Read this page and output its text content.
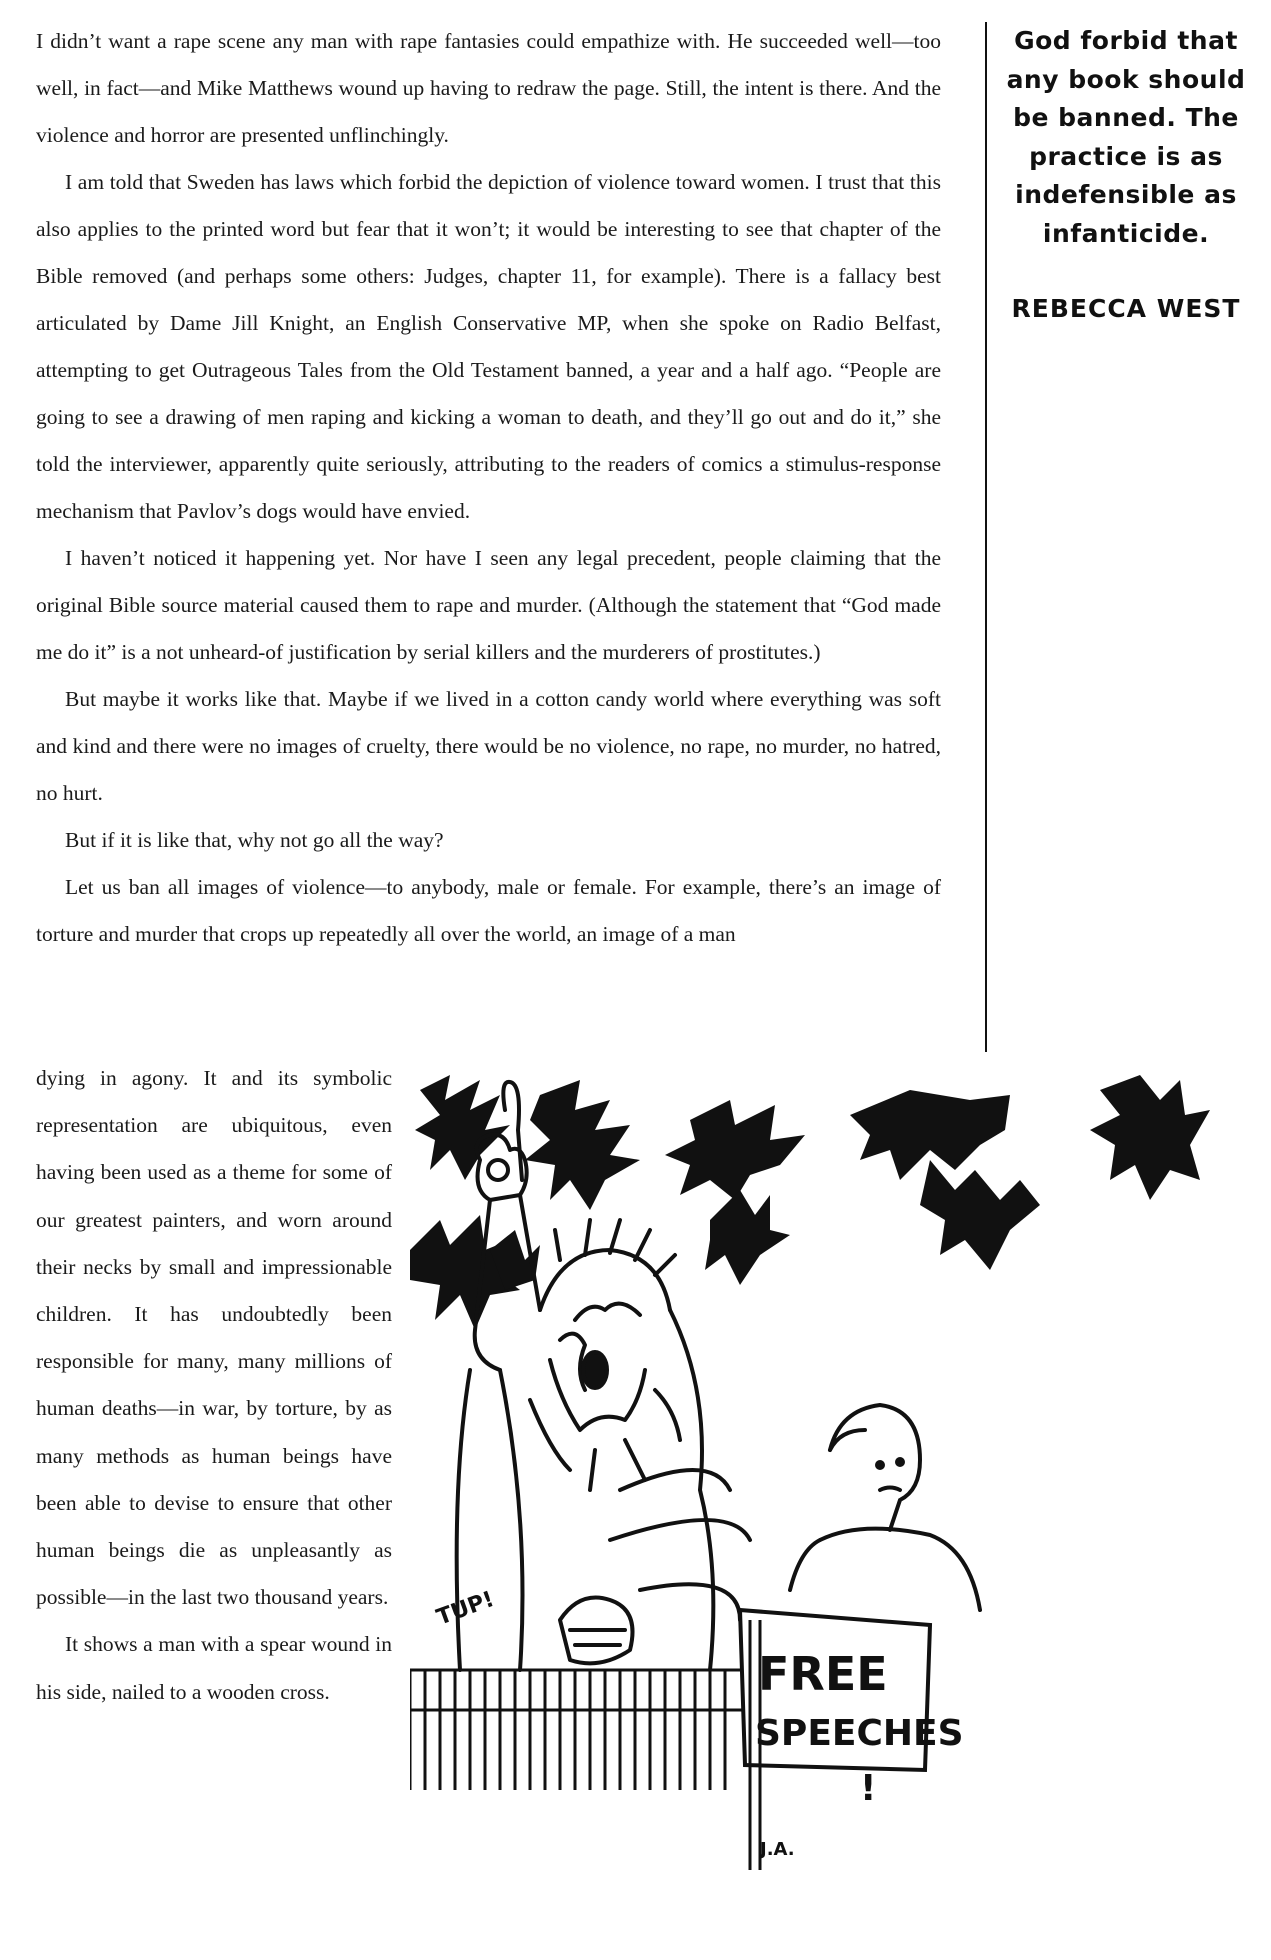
I didn’t want a rape scene any man with rape fantasies could empathize with. He succeeded well—too well, in fact—and Mike Matthews wound up having to redraw the page. Still, the intent is there. And the violence and horror are presented unflinchingly.

I am told that Sweden has laws which forbid the depiction of violence toward women. I trust that this also applies to the printed word but fear that it won’t; it would be interesting to see that chapter of the Bible removed (and perhaps some others: Judges, chapter 11, for example). There is a fallacy best articulated by Dame Jill Knight, an English Conservative MP, when she spoke on Radio Belfast, attempting to get Outrageous Tales from the Old Testament banned, a year and a half ago. “People are going to see a drawing of men raping and kicking a woman to death, and they’ll go out and do it,” she told the interviewer, apparently quite seriously, attributing to the readers of comics a stimulus-response mechanism that Pavlov’s dogs would have envied.

I haven’t noticed it happening yet. Nor have I seen any legal precedent, people claiming that the original Bible source material caused them to rape and murder. (Although the statement that “God made me do it” is a not unheard-of justification by serial killers and the murderers of prostitutes.)

But maybe it works like that. Maybe if we lived in a cotton candy world where everything was soft and kind and there were no images of cruelty, there would be no violence, no rape, no murder, no hatred, no hurt.

But if it is like that, why not go all the way?

Let us ban all images of violence—to anybody, male or female. For example, there’s an image of torture and murder that crops up repeatedly all over the world, an image of a man

dying in agony. It and its symbolic representation are ubiquitous, even having been used as a theme for some of our greatest painters, and worn around their necks by small and impressionable children. It has undoubtedly been responsible for many, many millions of human deaths—in war, by torture, by as many methods as human beings have been able to devise to ensure that other human beings die as unpleasantly as possible—in the last two thousand years.

It shows a man with a spear wound in his side, nailed to a wooden cross.

God forbid that any book should be banned. The practice is as indefensible as infanticide.
REBECCA WEST
FREE
SPEECHES
!
TUP!
J.A.
